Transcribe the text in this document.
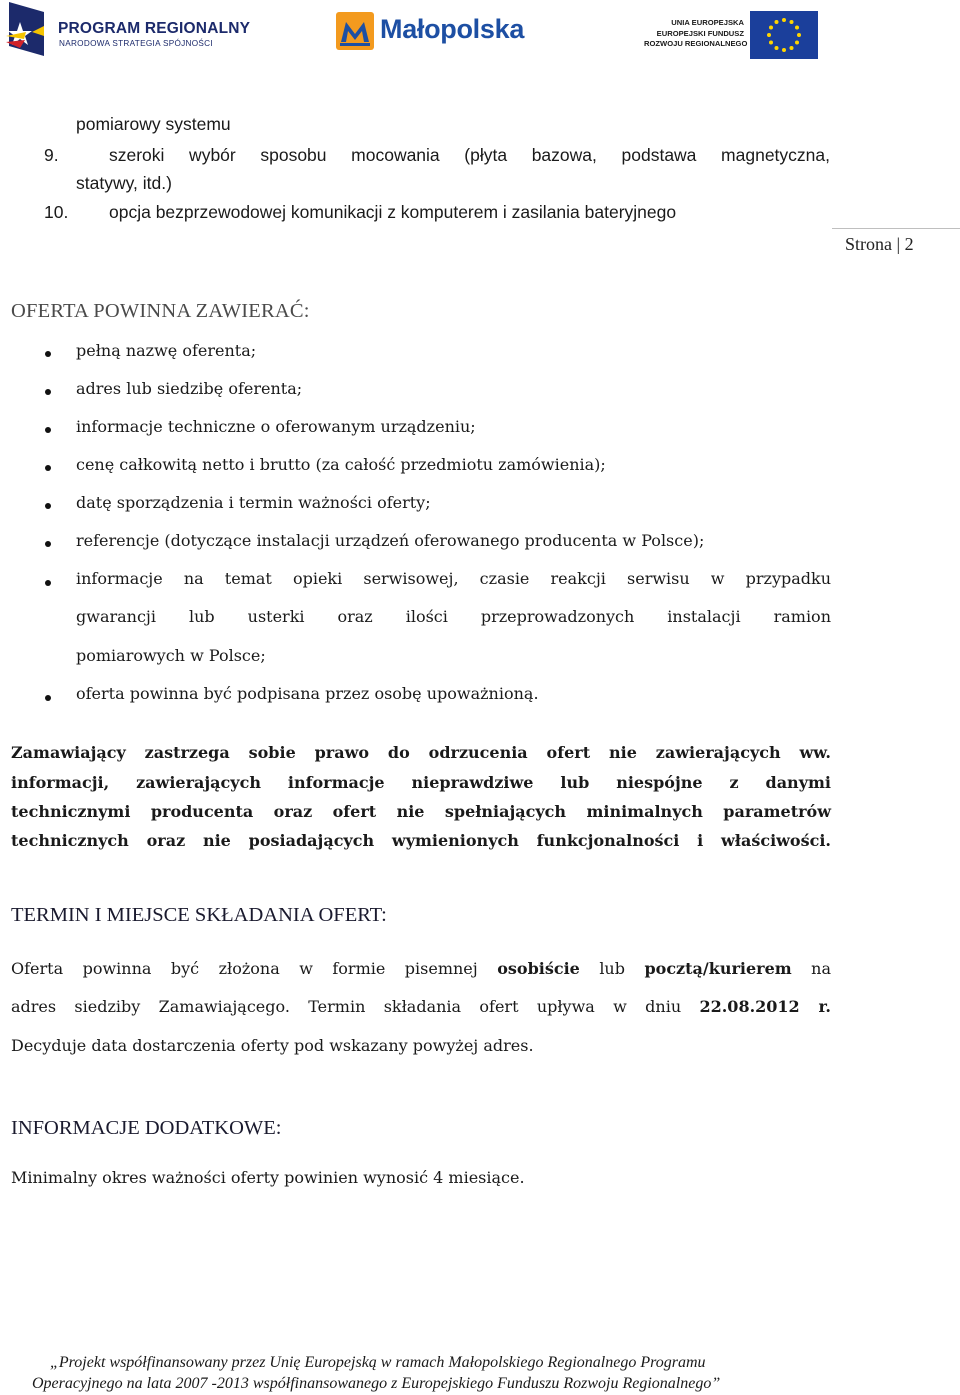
PROGRAM REGIONALNY
NARODOWA STRATEGIA SPÓJNOŚCI	Małopolska	UNIA EUROPEJSKA
EUROPEJSKI FUNDUSZ
ROZWOJU REGIONALNEGO
pomiarowy systemu
9.	szeroki wybór sposobu mocowania (płyta bazowa, podstawa magnetyczna,
statywy, itd.)
10. opcja bezprzewodowej komunikacji z komputerem i zasilania bateryjnego
Strona | 2
OFERTA POWINNA ZAWIERAĆ:
pełną nazwę oferenta;
adres lub siedzibę oferenta;
informacje techniczne o oferowanym urządzeniu;
cenę całkowitą netto i brutto (za całość przedmiotu zamówienia);
datę sporządzenia i termin ważności oferty;
referencje (dotyczące instalacji urządzeń oferowanego producenta w Polsce);
informacje na temat opieki serwisowej, czasie reakcji serwisu w przypadku
gwarancji lub usterki oraz ilości przeprowadzonych instalacji ramion
pomiarowych w Polsce;
oferta powinna być podpisana przez osobę upoważnioną.
Zamawiający zastrzega sobie prawo do odrzucenia ofert nie zawierających ww.
informacji, zawierających informacje nieprawdziwe lub niespójne z danymi
technicznymi producenta oraz ofert nie spełniających minimalnych parametrów
technicznych oraz nie posiadających wymienionych funkcjonalności i właściwości.
TERMIN I MIEJSCE SKŁADANIA OFERT:
Oferta powinna być złożona w formie pisemnej osobiście lub pocztą/kurierem na
adres siedziby Zamawiającego. Termin składania ofert upływa w dniu 22.08.2012 r.
Decyduje data dostarczenia oferty pod wskazany powyżej adres.
INFORMACJE DODATKOWE:
Minimalny okres ważności oferty powinien wynosić 4 miesiące.
„Projekt współfinansowany przez Unię Europejską w ramach Małopolskiego Regionalnego Programu
Operacyjnego na lata 2007 -2013 współfinansowanego z Europejskiego Funduszu Rozwoju Regionalnego”
